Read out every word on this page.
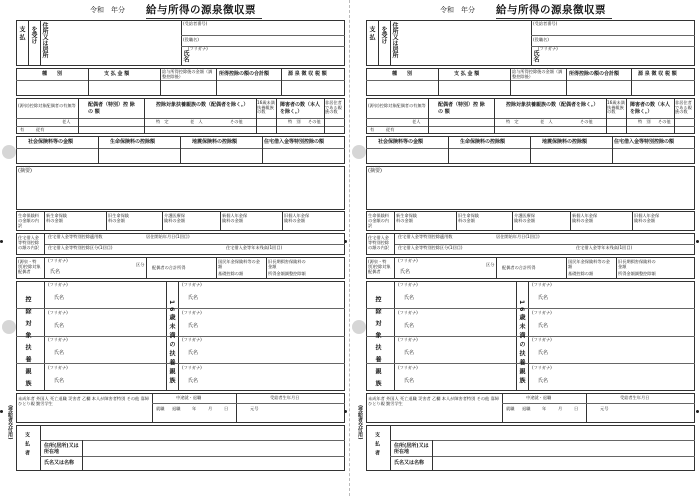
令和　年分 給与所得の源泉徴収票
支 払 を受け 住所又は居所	(受給者番号)
(役職名)
(フリガナ)
氏名
種　　別	支 払 金 額	給与所得控除後の金額（調整控除後）	所得控除の額の合計額	源 泉 徴 収 税 額
(源泉)控除対象配偶者の有無等 配偶者（特別）控 除 の 額
控除対象扶養親族の数（配偶者を除く。） 16歳未満扶養親族の数
障害者の数（本人を除く。）
非居住者である親族の数
老人	特　定	老　人	その他	特　別 その他
有	従有
社会保険料等の金額	生命保険料の控除額	地震保険料の控除額	住宅借入金等特別控除の額
(摘要)
生命保険料の金額の内訳
新生命保険料の金額
旧生命保険料の金額
介護医療保険料の金額
新個人年金保険料の金額
旧個人年金保険料の金額
住宅借入金等特別控除の額の内訳
住宅借入金等特別控除適用数	居住開始年月日(1回目)
住宅借入金等特別控除区分(1回目)	住宅借入金等年末残高(1回目)
(源泉・特別)控除対象配偶者
(フリガナ)
氏名
区分
配偶者の合計所得
国民年金保険料等の金額
旧長期損害保険料の金額
基礎控除の額	所得金額調整控除額
控除対象扶養親族	16歳未満の扶養親族
(フリガナ)
氏名
(フリガナ)
氏名
(フリガナ)
氏名
(フリガナ)
氏名
(フリガナ)
氏名
(フリガナ)
氏名
(フリガナ)
氏名
(フリガナ)
氏名
未成年者 外国人 死亡退職 災害者 乙欄 本人が障害者特別 その他 寡婦 ひとり親 勤労学生
中途就・退職
就職 退職	年	月	日
受給者生年月日
元号
支払者	住所(居所)又は所在地
氏名又は名称
(受給者交付用)
令和　年分 給与所得の源泉徴収票
支 払 を受け 住所又は居所	(受給者番号)
(役職名)
(フリガナ)
氏名
種　　別	支 払 金 額	給与所得控除後の金額（調整控除後）	所得控除の額の合計額	源 泉 徴 収 税 額
(源泉)控除対象配偶者の有無等 配偶者（特別）控 除 の 額
控除対象扶養親族の数（配偶者を除く。） 16歳未満扶養親族の数
障害者の数（本人を除く。）
非居住者である親族の数
老人	特　定	老　人	その他	特　別 その他
有	従有
社会保険料等の金額	生命保険料の控除額	地震保険料の控除額	住宅借入金等特別控除の額
(摘要)
生命保険料の金額の内訳
新生命保険料の金額
旧生命保険料の金額
介護医療保険料の金額
新個人年金保険料の金額
旧個人年金保険料の金額
住宅借入金等特別控除の額の内訳
住宅借入金等特別控除適用数	居住開始年月日(1回目)
住宅借入金等特別控除区分(1回目)	住宅借入金等年末残高(1回目)
(源泉・特別)控除対象配偶者
(フリガナ)
氏名
区分
配偶者の合計所得
国民年金保険料等の金額
旧長期損害保険料の金額
基礎控除の額	所得金額調整控除額
控除対象扶養親族	16歳未満の扶養親族
(フリガナ)
氏名
(フリガナ)
氏名
(フリガナ)
氏名
(フリガナ)
氏名
(フリガナ)
氏名
(フリガナ)
氏名
(フリガナ)
氏名
(フリガナ)
氏名
未成年者 外国人 死亡退職 災害者 乙欄 本人が障害者特別 その他 寡婦 ひとり親 勤労学生
中途就・退職
就職 退職	年	月	日
受給者生年月日
元号
支払者	住所(居所)又は所在地
氏名又は名称
(受給者交付用)
